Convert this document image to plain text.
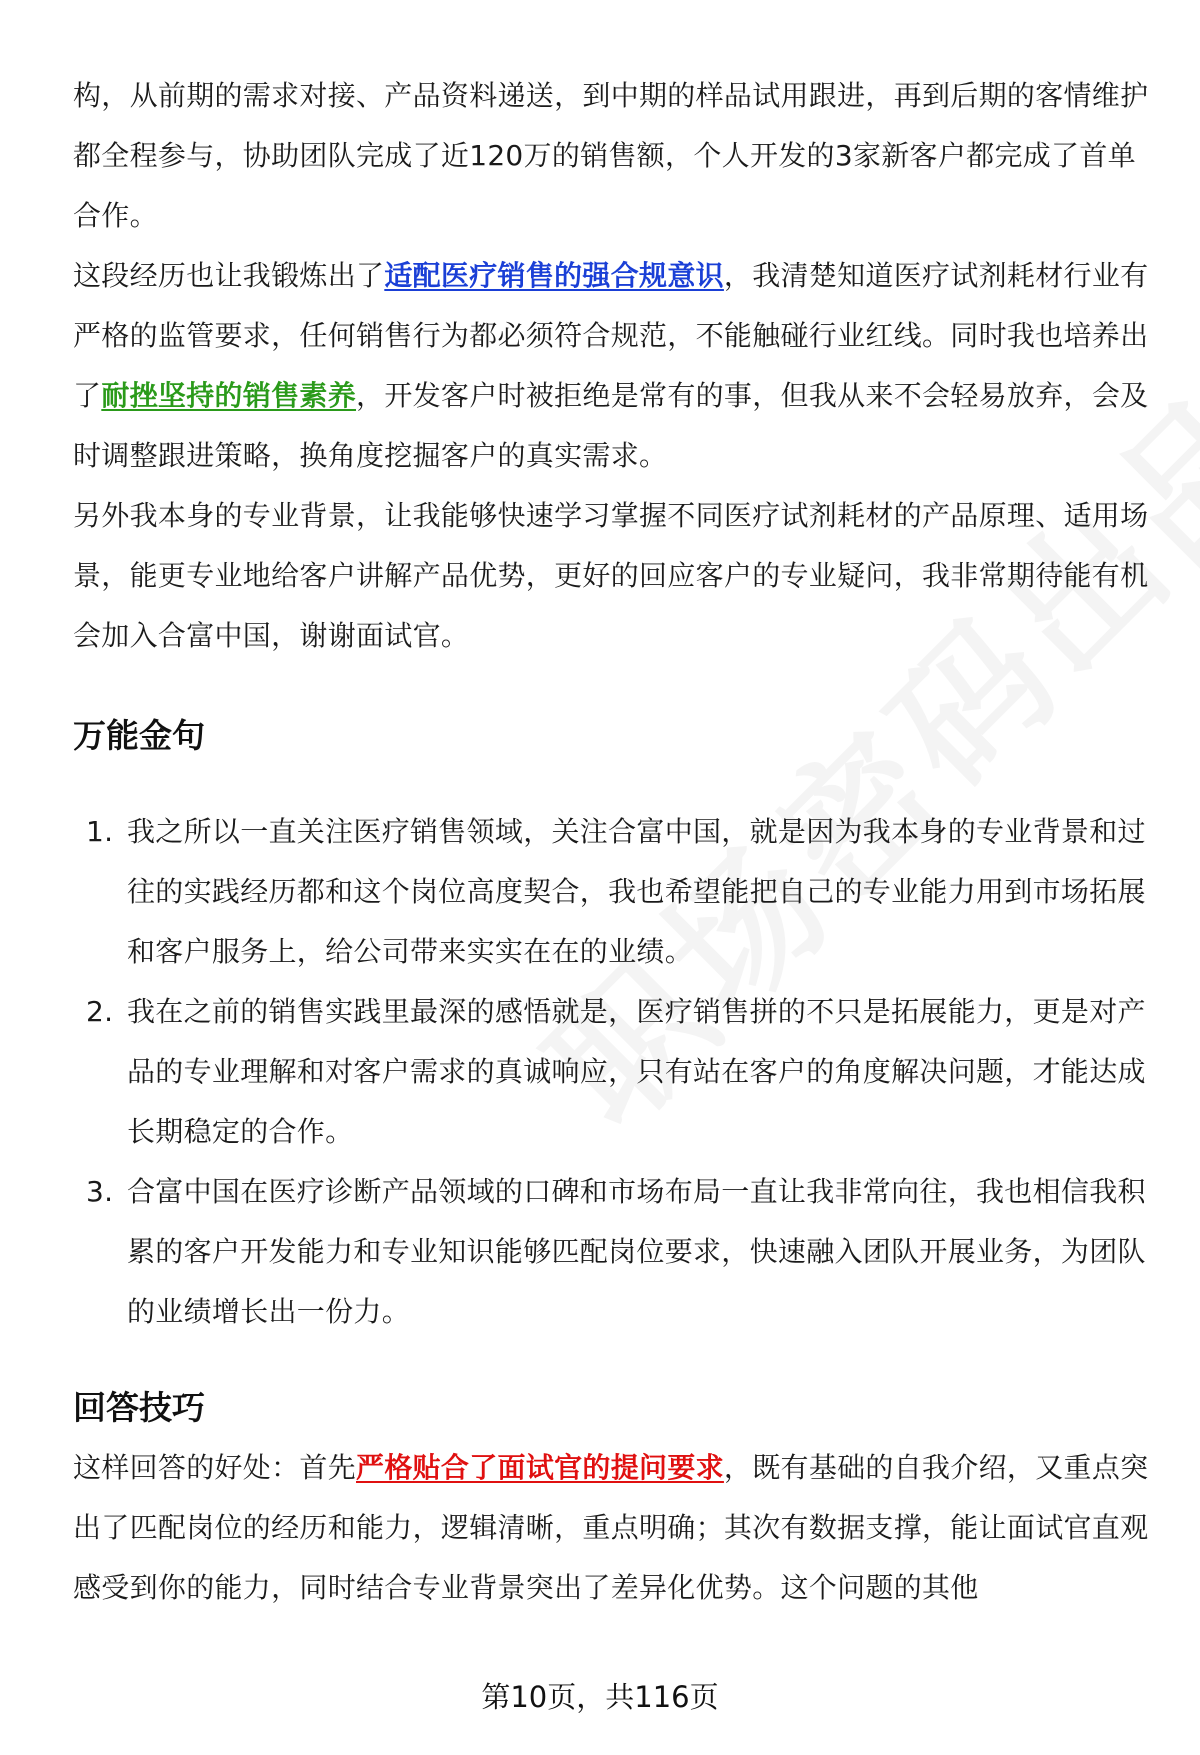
构，从前期的需求对接、产品资料递送，到中期的样品试用跟进，再到后期的客情维护都全程参与，协助团队完成了近120万的销售额，个人开发的3家新客户都完成了首单合作。

这段经历也让我锻炼出了适配医疗销售的强合规意识，我清楚知道医疗试剂耗材行业有严格的监管要求，任何销售行为都必须符合规范，不能触碰行业红线。同时我也培养出了耐挫坚持的销售素养，开发客户时被拒绝是常有的事，但我从来不会轻易放弃，会及时调整跟进策略，换角度挖掘客户的真实需求。

另外我本身的专业背景，让我能够快速学习掌握不同医疗试剂耗材的产品原理、适用场景，能更专业地给客户讲解产品优势，更好的回应客户的专业疑问，我非常期待能有机会加入合富中国，谢谢面试官。

万能金句
1. 我之所以一直关注医疗销售领域，关注合富中国，就是因为我本身的专业背景和过往的实践经历都和这个岗位高度契合，我也希望能把自己的专业能力用到市场拓展和客户服务上，给公司带来实实在在的业绩。
2. 我在之前的销售实践里最深的感悟就是，医疗销售拼的不只是拓展能力，更是对产品的专业理解和对客户需求的真诚响应，只有站在客户的角度解决问题，才能达成长期稳定的合作。
3. 合富中国在医疗诊断产品领域的口碑和市场布局一直让我非常向往，我也相信我积累的客户开发能力和专业知识能够匹配岗位要求，快速融入团队开展业务，为团队的业绩增长出一份力。
回答技巧

这样回答的好处：首先严格贴合了面试官的提问要求，既有基础的自我介绍，又重点突出了匹配岗位的经历和能力，逻辑清晰，重点明确；其次有数据支撑，能让面试官直观感受到你的能力，同时结合专业背景突出了差异化优势。这个问题的其他

第10页，共116页
